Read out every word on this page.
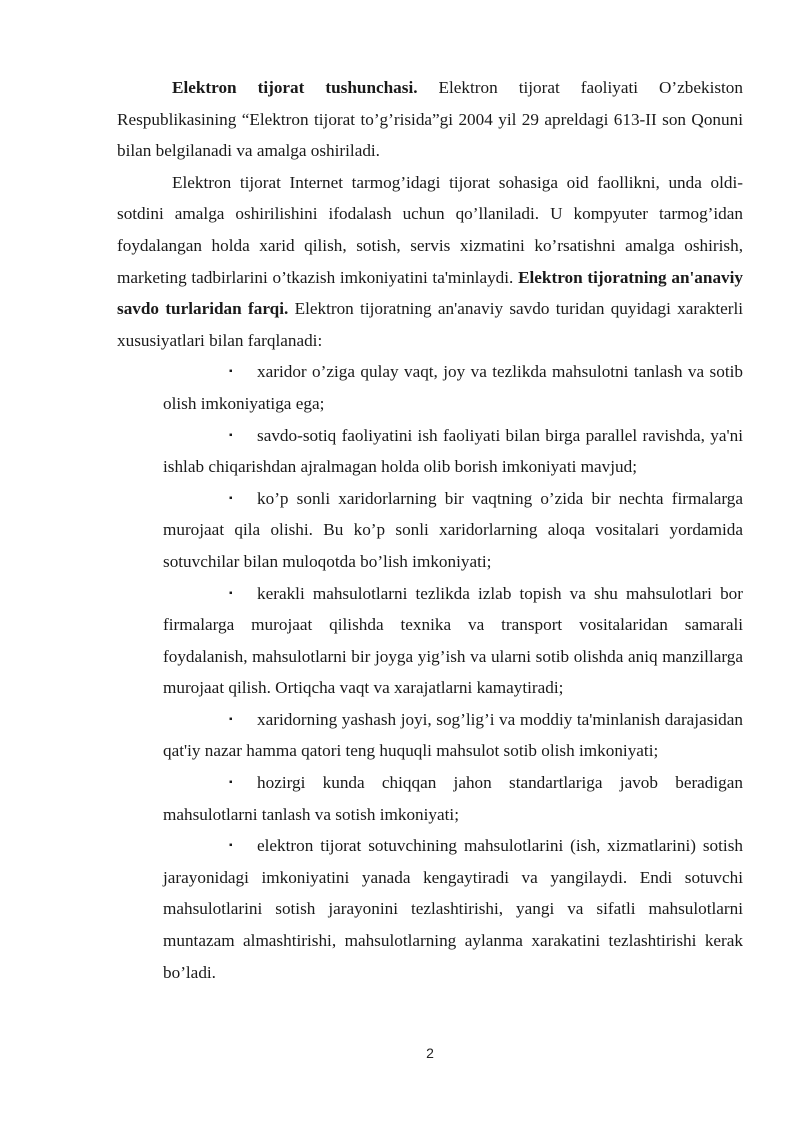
Elektron tijorat tushunchasi. Elektron tijorat faoliyati O’zbekiston Respublikasining “Elektron tijorat to’g’risida”gi 2004 yil 29 apreldagi 613-II son Qonuni bilan belgilanadi va amalga oshiriladi.

Elektron tijorat Internet tarmog’idagi tijorat sohasiga oid faollikni, unda oldi-sotdini amalga oshirilishini ifodalash uchun qo’llaniladi. U kompyuter tarmog’idan foydalangan holda xarid qilish, sotish, servis xizmatini ko’rsatishni amalga oshirish, marketing tadbirlarini o’tkazish imkoniyatini ta'minlaydi. Elektron tijoratning an'anaviy savdo turlaridan farqi. Elektron tijoratning an'anaviy savdo turidan quyidagi xarakterli xususiyatlari bilan farqlanadi:

▪ xaridor o’ziga qulay vaqt, joy va tezlikda mahsulotni tanlash va sotib olish imkoniyatiga ega;
▪ savdo-sotiq faoliyatini ish faoliyati bilan birga parallel ravishda, ya'ni ishlab chiqarishdan ajralmagan holda olib borish imkoniyati mavjud;
▪ ko’p sonli xaridorlarning bir vaqtning o’zida bir nechta firmalarga murojaat qila olishi. Bu ko’p sonli xaridorlarning aloqa vositalari yordamida sotuvchilar bilan muloqotda bo’lish imkoniyati;
▪ kerakli mahsulotlarni tezlikda izlab topish va shu mahsulotlari bor firmalarga murojaat qilishda texnika va transport vositalaridan samarali foydalanish, mahsulotlarni bir joyga yig’ish va ularni sotib olishda aniq manzillarga murojaat qilish. Ortiqcha vaqt va xarajatlarni kamaytiradi;
▪ xaridorning yashash joyi, sog’lig’i va moddiy ta'minlanish darajasidan qat'iy nazar hamma qatori teng huquqli mahsulot sotib olish imkoniyati;
▪ hozirgi kunda chiqqan jahon standartlariga javob beradigan mahsulotlarni tanlash va sotish imkoniyati;
▪ elektron tijorat sotuvchining mahsulotlarini (ish, xizmatlarini) sotish jarayonidagi imkoniyatini yanada kengaytiradi va yangilaydi. Endi sotuvchi mahsulotlarini sotish jarayonini tezlashtirishi, yangi va sifatli mahsulotlarni muntazam almashtirishi, mahsulotlarning aylanma xarakatini tezlashtirishi kerak bo’ladi.
2
